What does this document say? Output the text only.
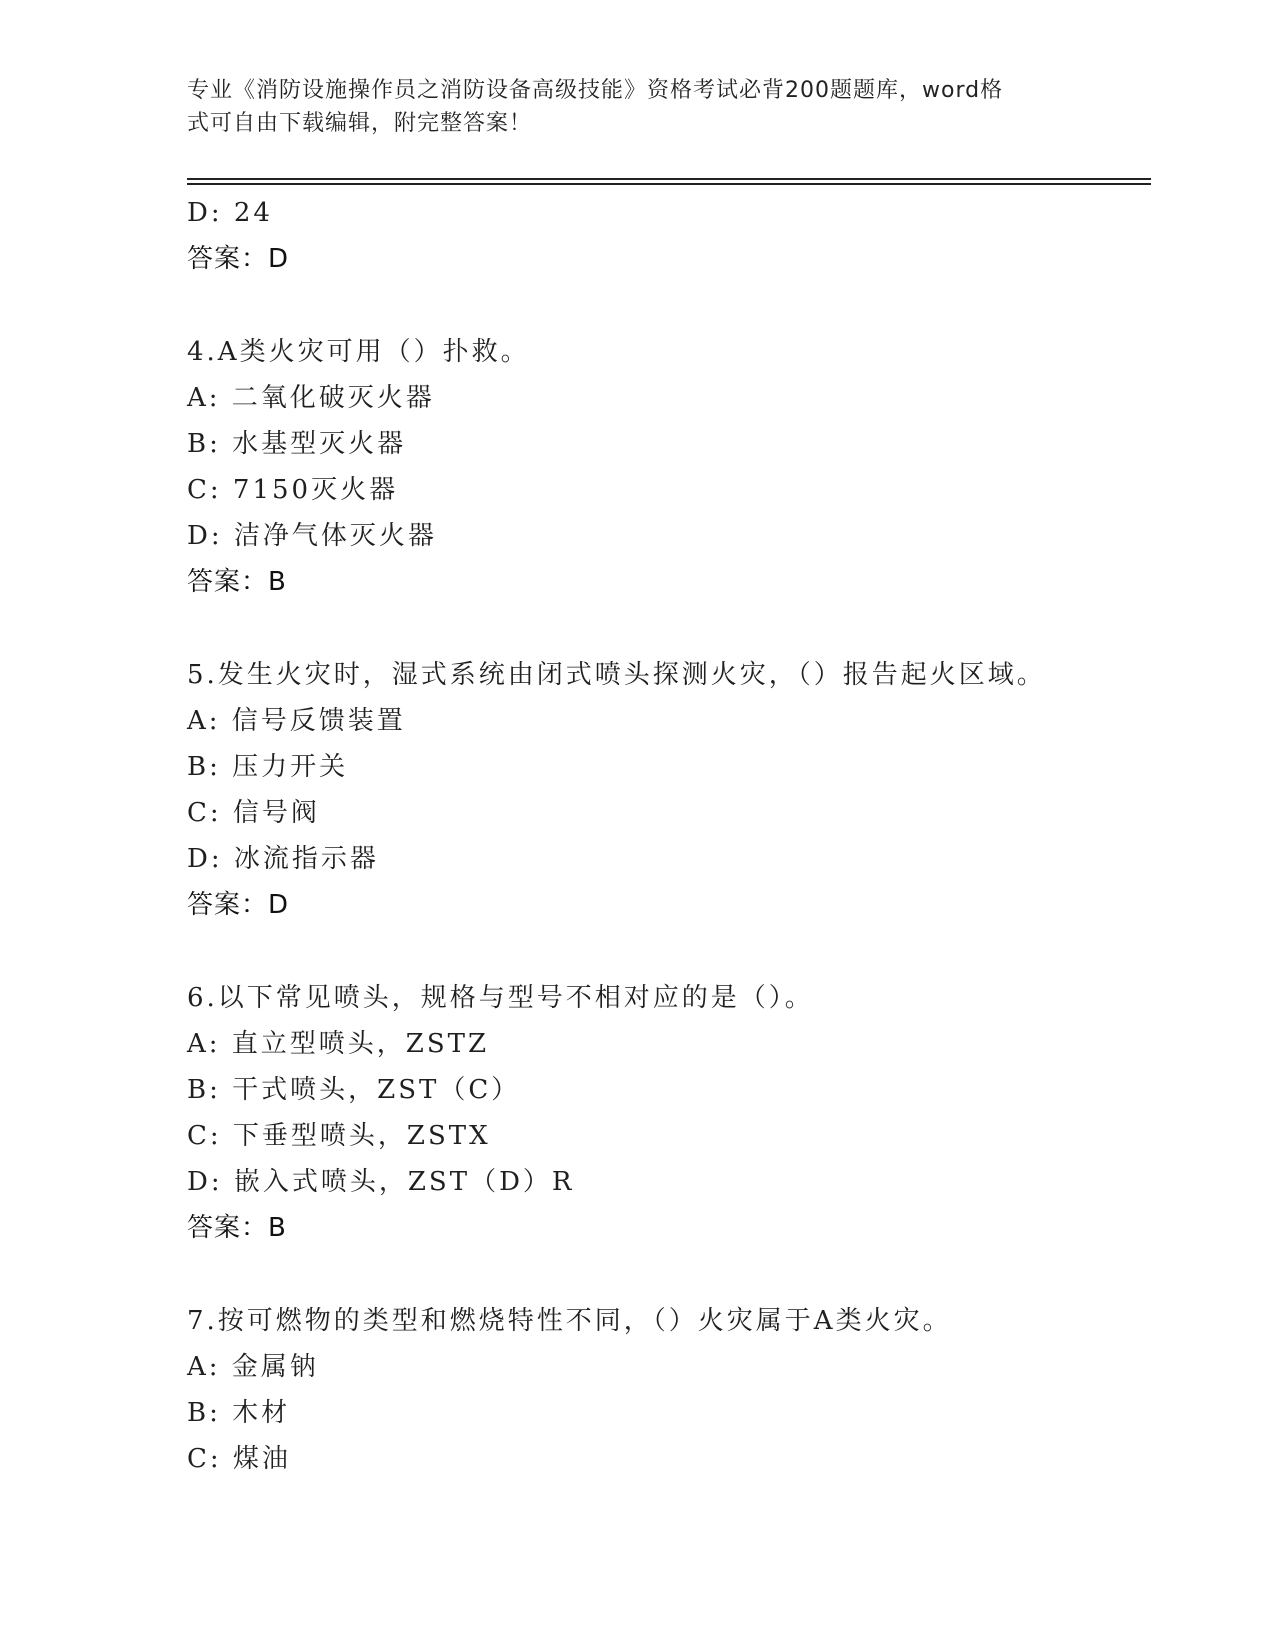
专业《消防设施操作员之消防设备高级技能》资格考试必背200题题库，word格
式可自由下载编辑，附完整答案！
D: 24
答案：D
4.A类火灾可用（）扑救。
A: 二氧化破灭火器
B: 水基型灭火器
C: 7150灭火器
D: 洁净气体灭火器
答案：B
5.发生火灾时，湿式系统由闭式喷头探测火灾，（）报告起火区域。
A: 信号反馈装置
B: 压力开关
C: 信号阀
D: 冰流指示器
答案：D
6.以下常见喷头，规格与型号不相对应的是（）。
A: 直立型喷头，ZSTZ
B: 干式喷头，ZST（C）
C: 下垂型喷头，ZSTX
D: 嵌入式喷头，ZST（D）R
答案：B
7.按可燃物的类型和燃烧特性不同，（）火灾属于A类火灾。
A: 金属钠
B: 木材
C: 煤油
